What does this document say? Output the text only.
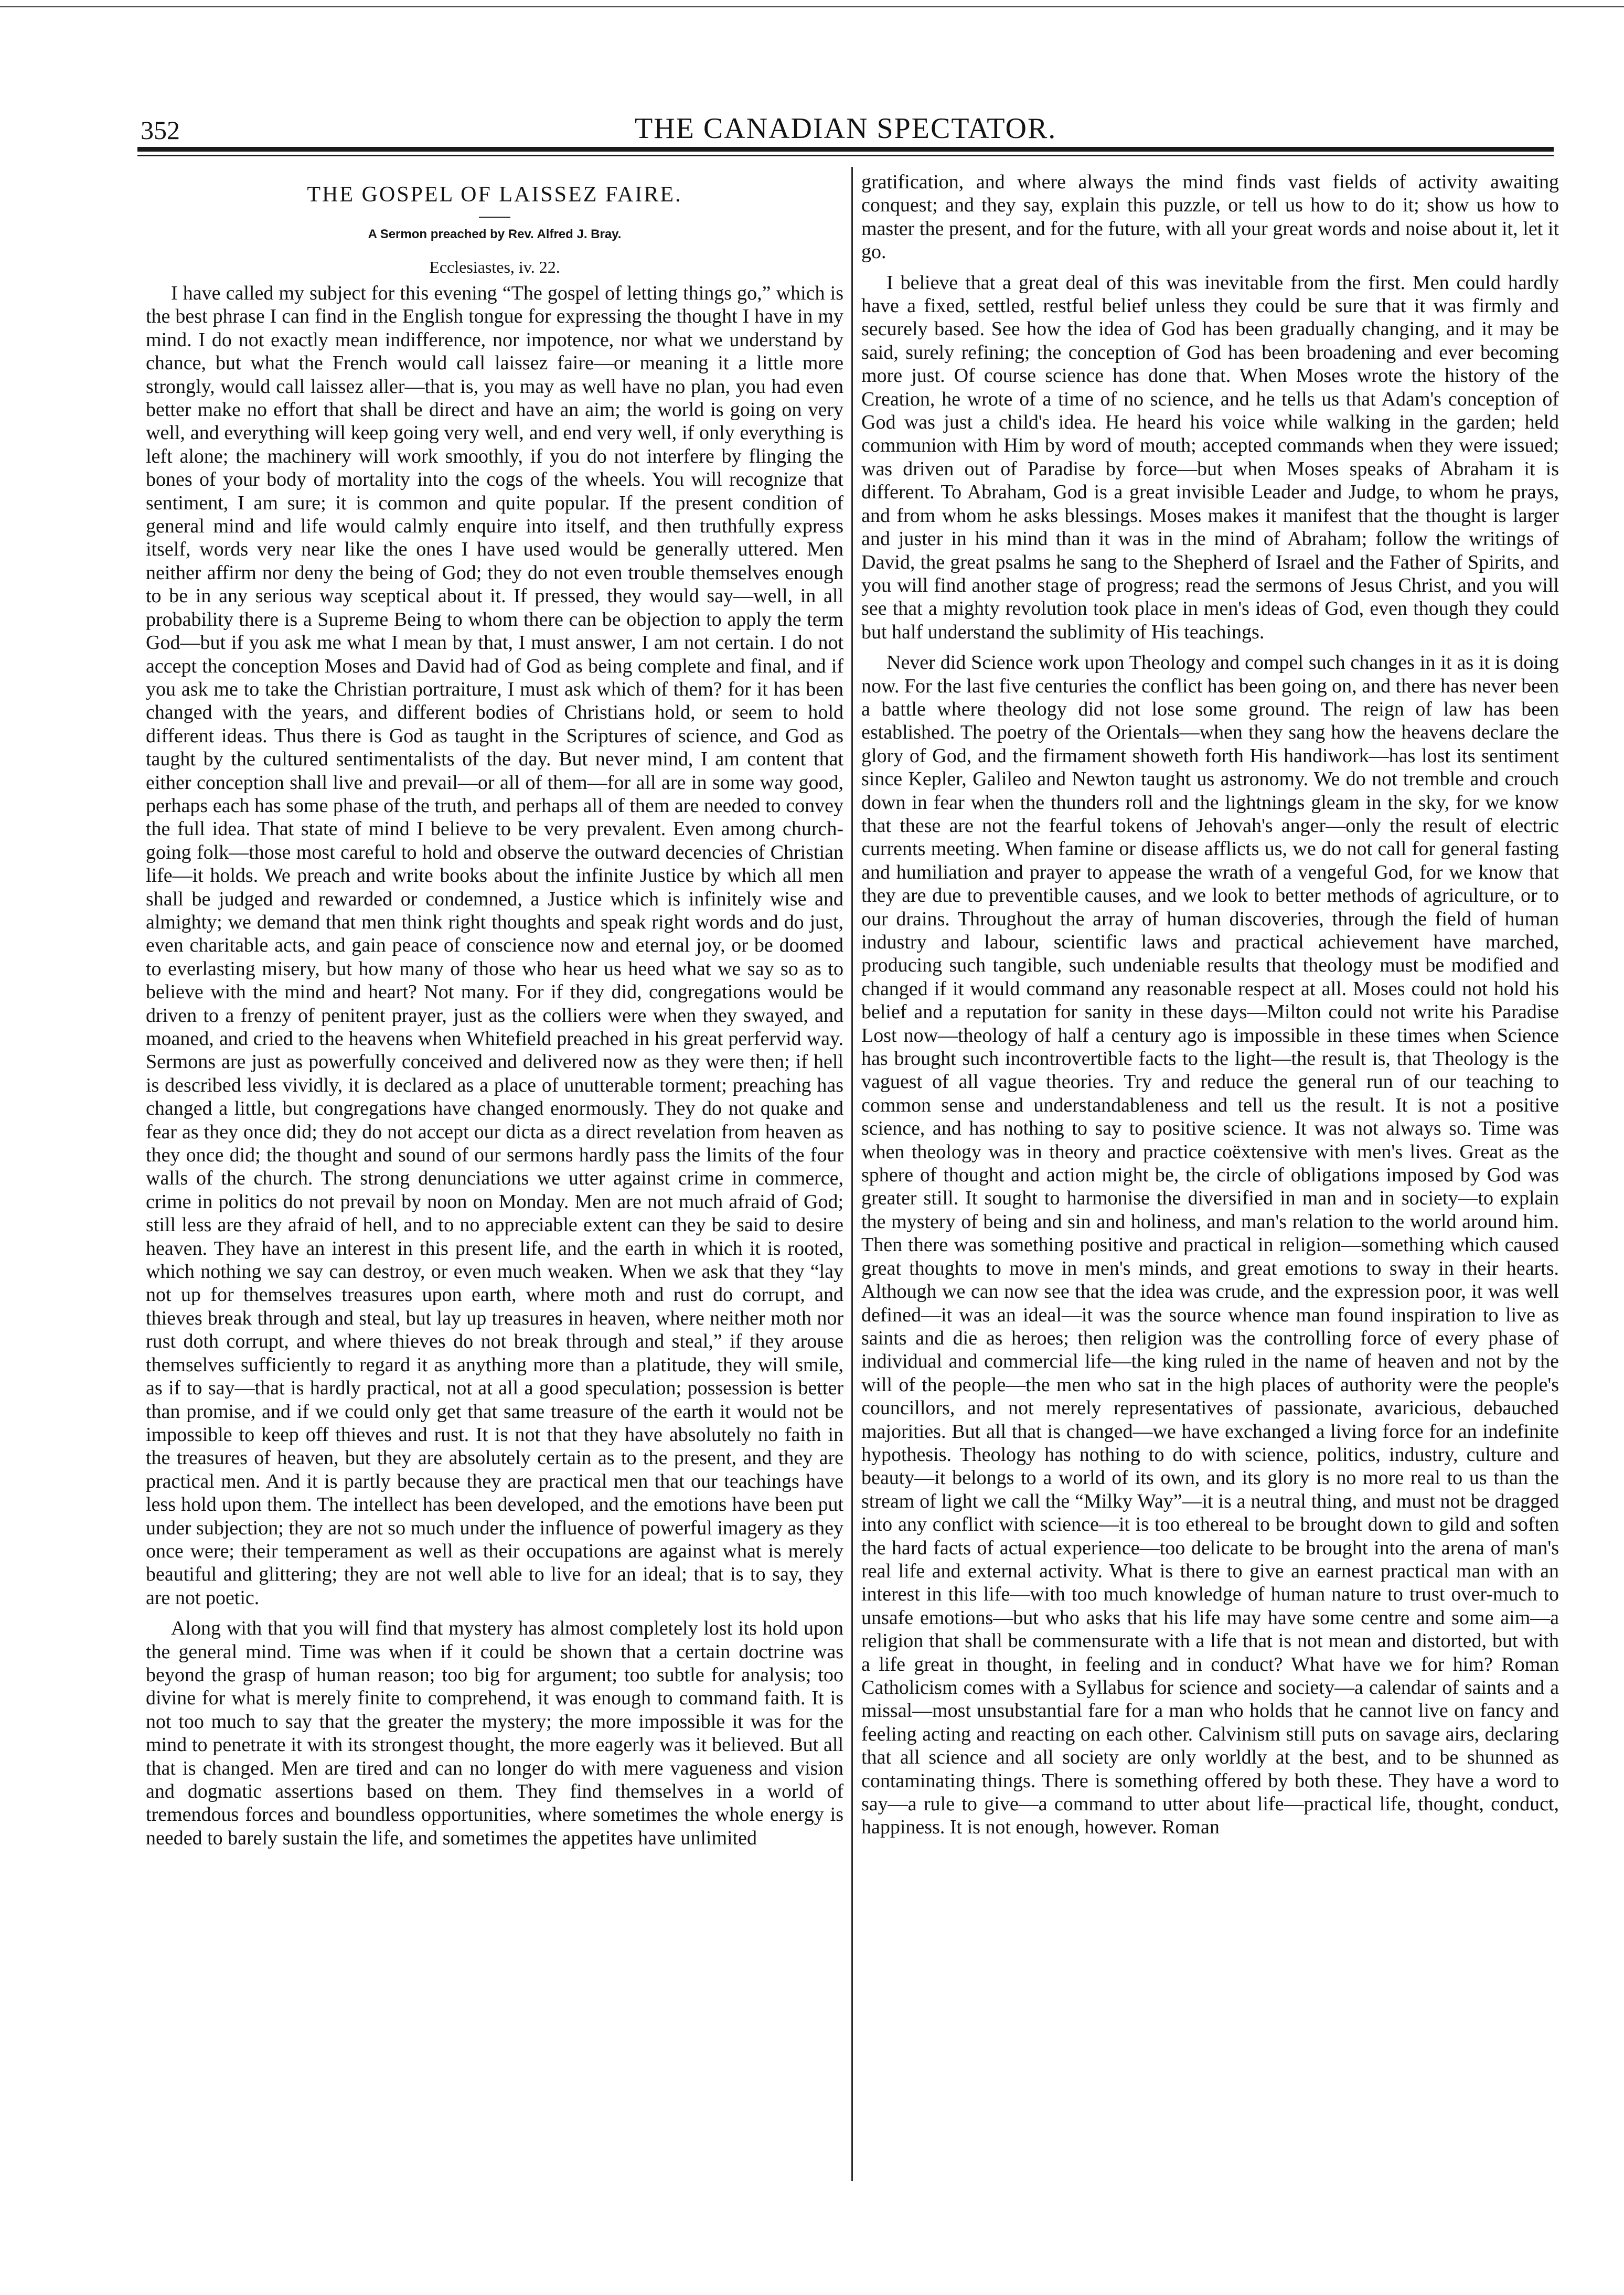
352	THE CANADIAN SPECTATOR.
THE GOSPEL OF LAISSEZ FAIRE.
A Sermon preached by Rev. Alfred J. Bray.
Ecclesiastes, iv. 22.

I have called my subject for this evening “The gospel of letting things go,” which is the best phrase I can find in the English tongue for expressing the thought I have in my mind. I do not exactly mean indifference, nor impotence, nor what we understand by chance, but what the French would call laissez faire—or meaning it a little more strongly, would call laissez aller—that is, you may as well have no plan, you had even better make no effort that shall be direct and have an aim; the world is going on very well, and everything will keep going very well, and end very well, if only everything is left alone; the machinery will work smoothly, if you do not interfere by flinging the bones of your body of mortality into the cogs of the wheels. You will recognize that sentiment, I am sure; it is common and quite popular. If the present condition of general mind and life would calmly enquire into itself, and then truthfully express itself, words very near like the ones I have used would be generally uttered. Men neither affirm nor deny the being of God; they do not even trouble themselves enough to be in any serious way sceptical about it. If pressed, they would say—well, in all probability there is a Supreme Being to whom there can be objection to apply the term God—but if you ask me what I mean by that, I must answer, I am not certain. I do not accept the conception Moses and David had of God as being complete and final, and if you ask me to take the Christian portraiture, I must ask which of them? for it has been changed with the years, and different bodies of Christians hold, or seem to hold different ideas. Thus there is God as taught in the Scriptures of science, and God as taught by the cultured sentimentalists of the day. But never mind, I am content that either conception shall live and prevail—or all of them—for all are in some way good, perhaps each has some phase of the truth, and perhaps all of them are needed to convey the full idea. That state of mind I believe to be very prevalent. Even among church-going folk—those most careful to hold and observe the outward decencies of Christian life—it holds. We preach and write books about the infinite Justice by which all men shall be judged and rewarded or condemned, a Justice which is infinitely wise and almighty; we demand that men think right thoughts and speak right words and do just, even charitable acts, and gain peace of conscience now and eternal joy, or be doomed to everlasting misery, but how many of those who hear us heed what we say so as to believe with the mind and heart? Not many. For if they did, congregations would be driven to a frenzy of penitent prayer, just as the colliers were when they swayed, and moaned, and cried to the heavens when Whitefield preached in his great perfervid way. Sermons are just as powerfully conceived and delivered now as they were then; if hell is described less vividly, it is declared as a place of unutterable torment; preaching has changed a little, but congregations have changed enormously. They do not quake and fear as they once did; they do not accept our dicta as a direct revelation from heaven as they once did; the thought and sound of our sermons hardly pass the limits of the four walls of the church. The strong denunciations we utter against crime in commerce, crime in politics do not prevail by noon on Monday. Men are not much afraid of God; still less are they afraid of hell, and to no appreciable extent can they be said to desire heaven. They have an interest in this present life, and the earth in which it is rooted, which nothing we say can destroy, or even much weaken. When we ask that they “lay not up for themselves treasures upon earth, where moth and rust do corrupt, and thieves break through and steal, but lay up treasures in heaven, where neither moth nor rust doth corrupt, and where thieves do not break through and steal,” if they arouse themselves sufficiently to regard it as anything more than a platitude, they will smile, as if to say—that is hardly practical, not at all a good speculation; possession is better than promise, and if we could only get that same treasure of the earth it would not be impossible to keep off thieves and rust. It is not that they have absolutely no faith in the treasures of heaven, but they are absolutely certain as to the present, and they are practical men. And it is partly because they are practical men that our teachings have less hold upon them. The intellect has been developed, and the emotions have been put under subjection; they are not so much under the influence of powerful imagery as they once were; their temperament as well as their occupations are against what is merely beautiful and glittering; they are not well able to live for an ideal; that is to say, they are not poetic.

Along with that you will find that mystery has almost completely lost its hold upon the general mind. Time was when if it could be shown that a certain doctrine was beyond the grasp of human reason; too big for argument; too subtle for analysis; too divine for what is merely finite to comprehend, it was enough to command faith. It is not too much to say that the greater the mystery; the more impossible it was for the mind to penetrate it with its strongest thought, the more eagerly was it believed. But all that is changed. Men are tired and can no longer do with mere vagueness and vision and dogmatic assertions based on them. They find themselves in a world of tremendous forces and boundless opportunities, where sometimes the whole energy is needed to barely sustain the life, and sometimes the appetites have unlimited

gratification, and where always the mind finds vast fields of activity awaiting conquest; and they say, explain this puzzle, or tell us how to do it; show us how to master the present, and for the future, with all your great words and noise about it, let it go.

I believe that a great deal of this was inevitable from the first. Men could hardly have a fixed, settled, restful belief unless they could be sure that it was firmly and securely based. See how the idea of God has been gradually changing, and it may be said, surely refining; the conception of God has been broadening and ever becoming more just. Of course science has done that. When Moses wrote the history of the Creation, he wrote of a time of no science, and he tells us that Adam's conception of God was just a child's idea. He heard his voice while walking in the garden; held communion with Him by word of mouth; accepted commands when they were issued; was driven out of Paradise by force—but when Moses speaks of Abraham it is different. To Abraham, God is a great invisible Leader and Judge, to whom he prays, and from whom he asks blessings. Moses makes it manifest that the thought is larger and juster in his mind than it was in the mind of Abraham; follow the writings of David, the great psalms he sang to the Shepherd of Israel and the Father of Spirits, and you will find another stage of progress; read the sermons of Jesus Christ, and you will see that a mighty revolution took place in men's ideas of God, even though they could but half understand the sublimity of His teachings.

Never did Science work upon Theology and compel such changes in it as it is doing now. For the last five centuries the conflict has been going on, and there has never been a battle where theology did not lose some ground. The reign of law has been established. The poetry of the Orientals—when they sang how the heavens declare the glory of God, and the firmament showeth forth His handiwork—has lost its sentiment since Kepler, Galileo and Newton taught us astronomy. We do not tremble and crouch down in fear when the thunders roll and the lightnings gleam in the sky, for we know that these are not the fearful tokens of Jehovah's anger—only the result of electric currents meeting. When famine or disease afflicts us, we do not call for general fasting and humiliation and prayer to appease the wrath of a vengeful God, for we know that they are due to preventible causes, and we look to better methods of agriculture, or to our drains. Throughout the array of human discoveries, through the field of human industry and labour, scientific laws and practical achievement have marched, producing such tangible, such undeniable results that theology must be modified and changed if it would command any reasonable respect at all. Moses could not hold his belief and a reputation for sanity in these days—Milton could not write his Paradise Lost now—theology of half a century ago is impossible in these times when Science has brought such incontrovertible facts to the light—the result is, that Theology is the vaguest of all vague theories. Try and reduce the general run of our teaching to common sense and understandableness and tell us the result. It is not a positive science, and has nothing to say to positive science. It was not always so. Time was when theology was in theory and practice coëxtensive with men's lives. Great as the sphere of thought and action might be, the circle of obligations imposed by God was greater still. It sought to harmonise the diversified in man and in society—to explain the mystery of being and sin and holiness, and man's relation to the world around him. Then there was something positive and practical in religion—something which caused great thoughts to move in men's minds, and great emotions to sway in their hearts. Although we can now see that the idea was crude, and the expression poor, it was well defined—it was an ideal—it was the source whence man found inspiration to live as saints and die as heroes; then religion was the controlling force of every phase of individual and commercial life—the king ruled in the name of heaven and not by the will of the people—the men who sat in the high places of authority were the people's councillors, and not merely representatives of passionate, avaricious, debauched majorities. But all that is changed—we have exchanged a living force for an indefinite hypothesis. Theology has nothing to do with science, politics, industry, culture and beauty—it belongs to a world of its own, and its glory is no more real to us than the stream of light we call the “Milky Way”—it is a neutral thing, and must not be dragged into any conflict with science—it is too ethereal to be brought down to gild and soften the hard facts of actual experience—too delicate to be brought into the arena of man's real life and external activity. What is there to give an earnest practical man with an interest in this life—with too much knowledge of human nature to trust over-much to unsafe emotions—but who asks that his life may have some centre and some aim—a religion that shall be commensurate with a life that is not mean and distorted, but with a life great in thought, in feeling and in conduct? What have we for him? Roman Catholicism comes with a Syllabus for science and society—a calendar of saints and a missal—most unsubstantial fare for a man who holds that he cannot live on fancy and feeling acting and reacting on each other. Calvinism still puts on savage airs, declaring that all science and all society are only worldly at the best, and to be shunned as contaminating things. There is something offered by both these. They have a word to say—a rule to give—a command to utter about life—practical life, thought, conduct, happiness. It is not enough, however. Roman
